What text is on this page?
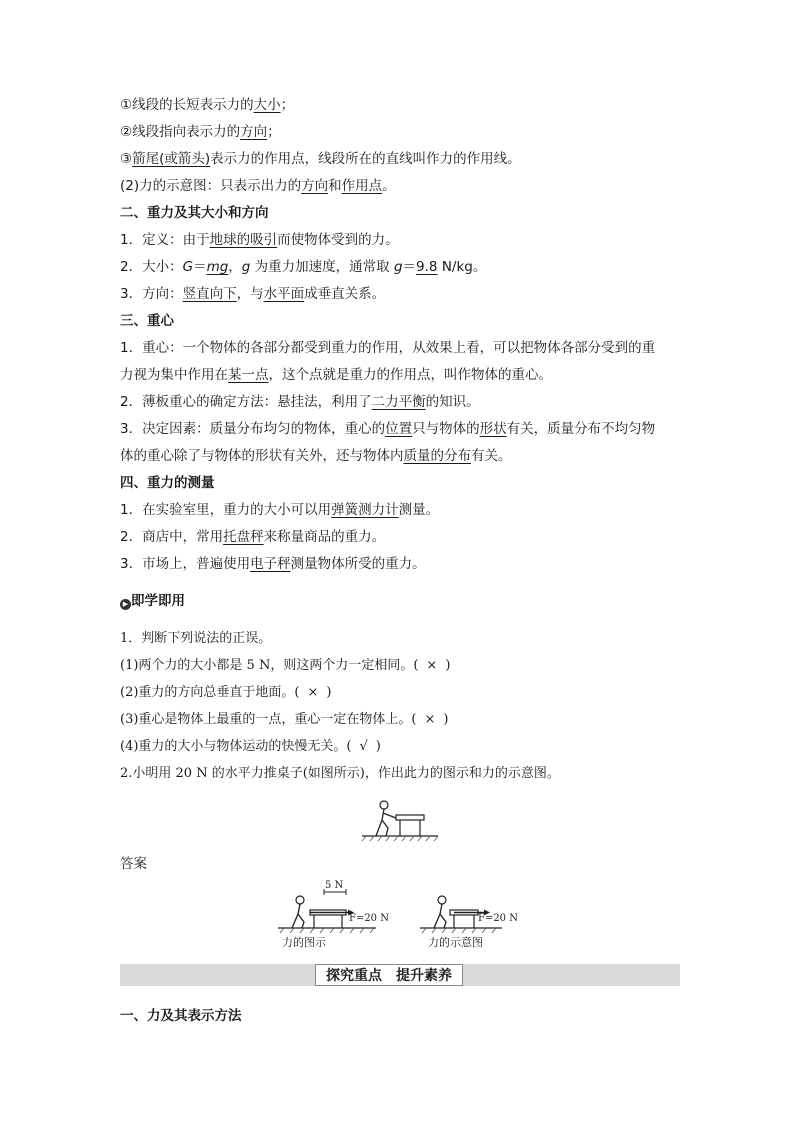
①线段的长短表示力的大小；
②线段指向表示力的方向；
③箭尾(或箭头)表示力的作用点，线段所在的直线叫作力的作用线。
(2)力的示意图：只表示出力的方向和作用点。
二、重力及其大小和方向
1．定义：由于地球的吸引而使物体受到的力。
2．大小：G＝mg，g 为重力加速度，通常取 g＝9.8 N/kg。
3．方向：竖直向下，与水平面成垂直关系。
三、重心
1．重心：一个物体的各部分都受到重力的作用，从效果上看，可以把物体各部分受到的重
力视为集中作用在某一点，这个点就是重力的作用点，叫作物体的重心。
2．薄板重心的确定方法：悬挂法，利用了二力平衡的知识。
3．决定因素：质量分布均匀的物体，重心的位置只与物体的形状有关，质量分布不均匀物
体的重心除了与物体的形状有关外，还与物体内质量的分布有关。
四、重力的测量
1．在实验室里，重力的大小可以用弹簧测力计测量。
2．商店中，常用托盘秤来称量商品的重力。
3．市场上，普遍使用电子秤测量物体所受的重力。
▶ 即学即用
1．判断下列说法的正误。
(1)两个力的大小都是 5 N，则这两个力一定相同。( × )
(2)重力的方向总垂直于地面。( × )
(3)重心是物体上最重的一点，重心一定在物体上。( × )
(4)重力的大小与物体运动的快慢无关。( √ )
2.小明用 20 N 的水平力推桌子(如图所示)，作出此力的图示和力的示意图。
答案
5 N
F=20 N
力的图示
F=20 N
力的示意图
探究重点 提升素养
一、力及其表示方法
